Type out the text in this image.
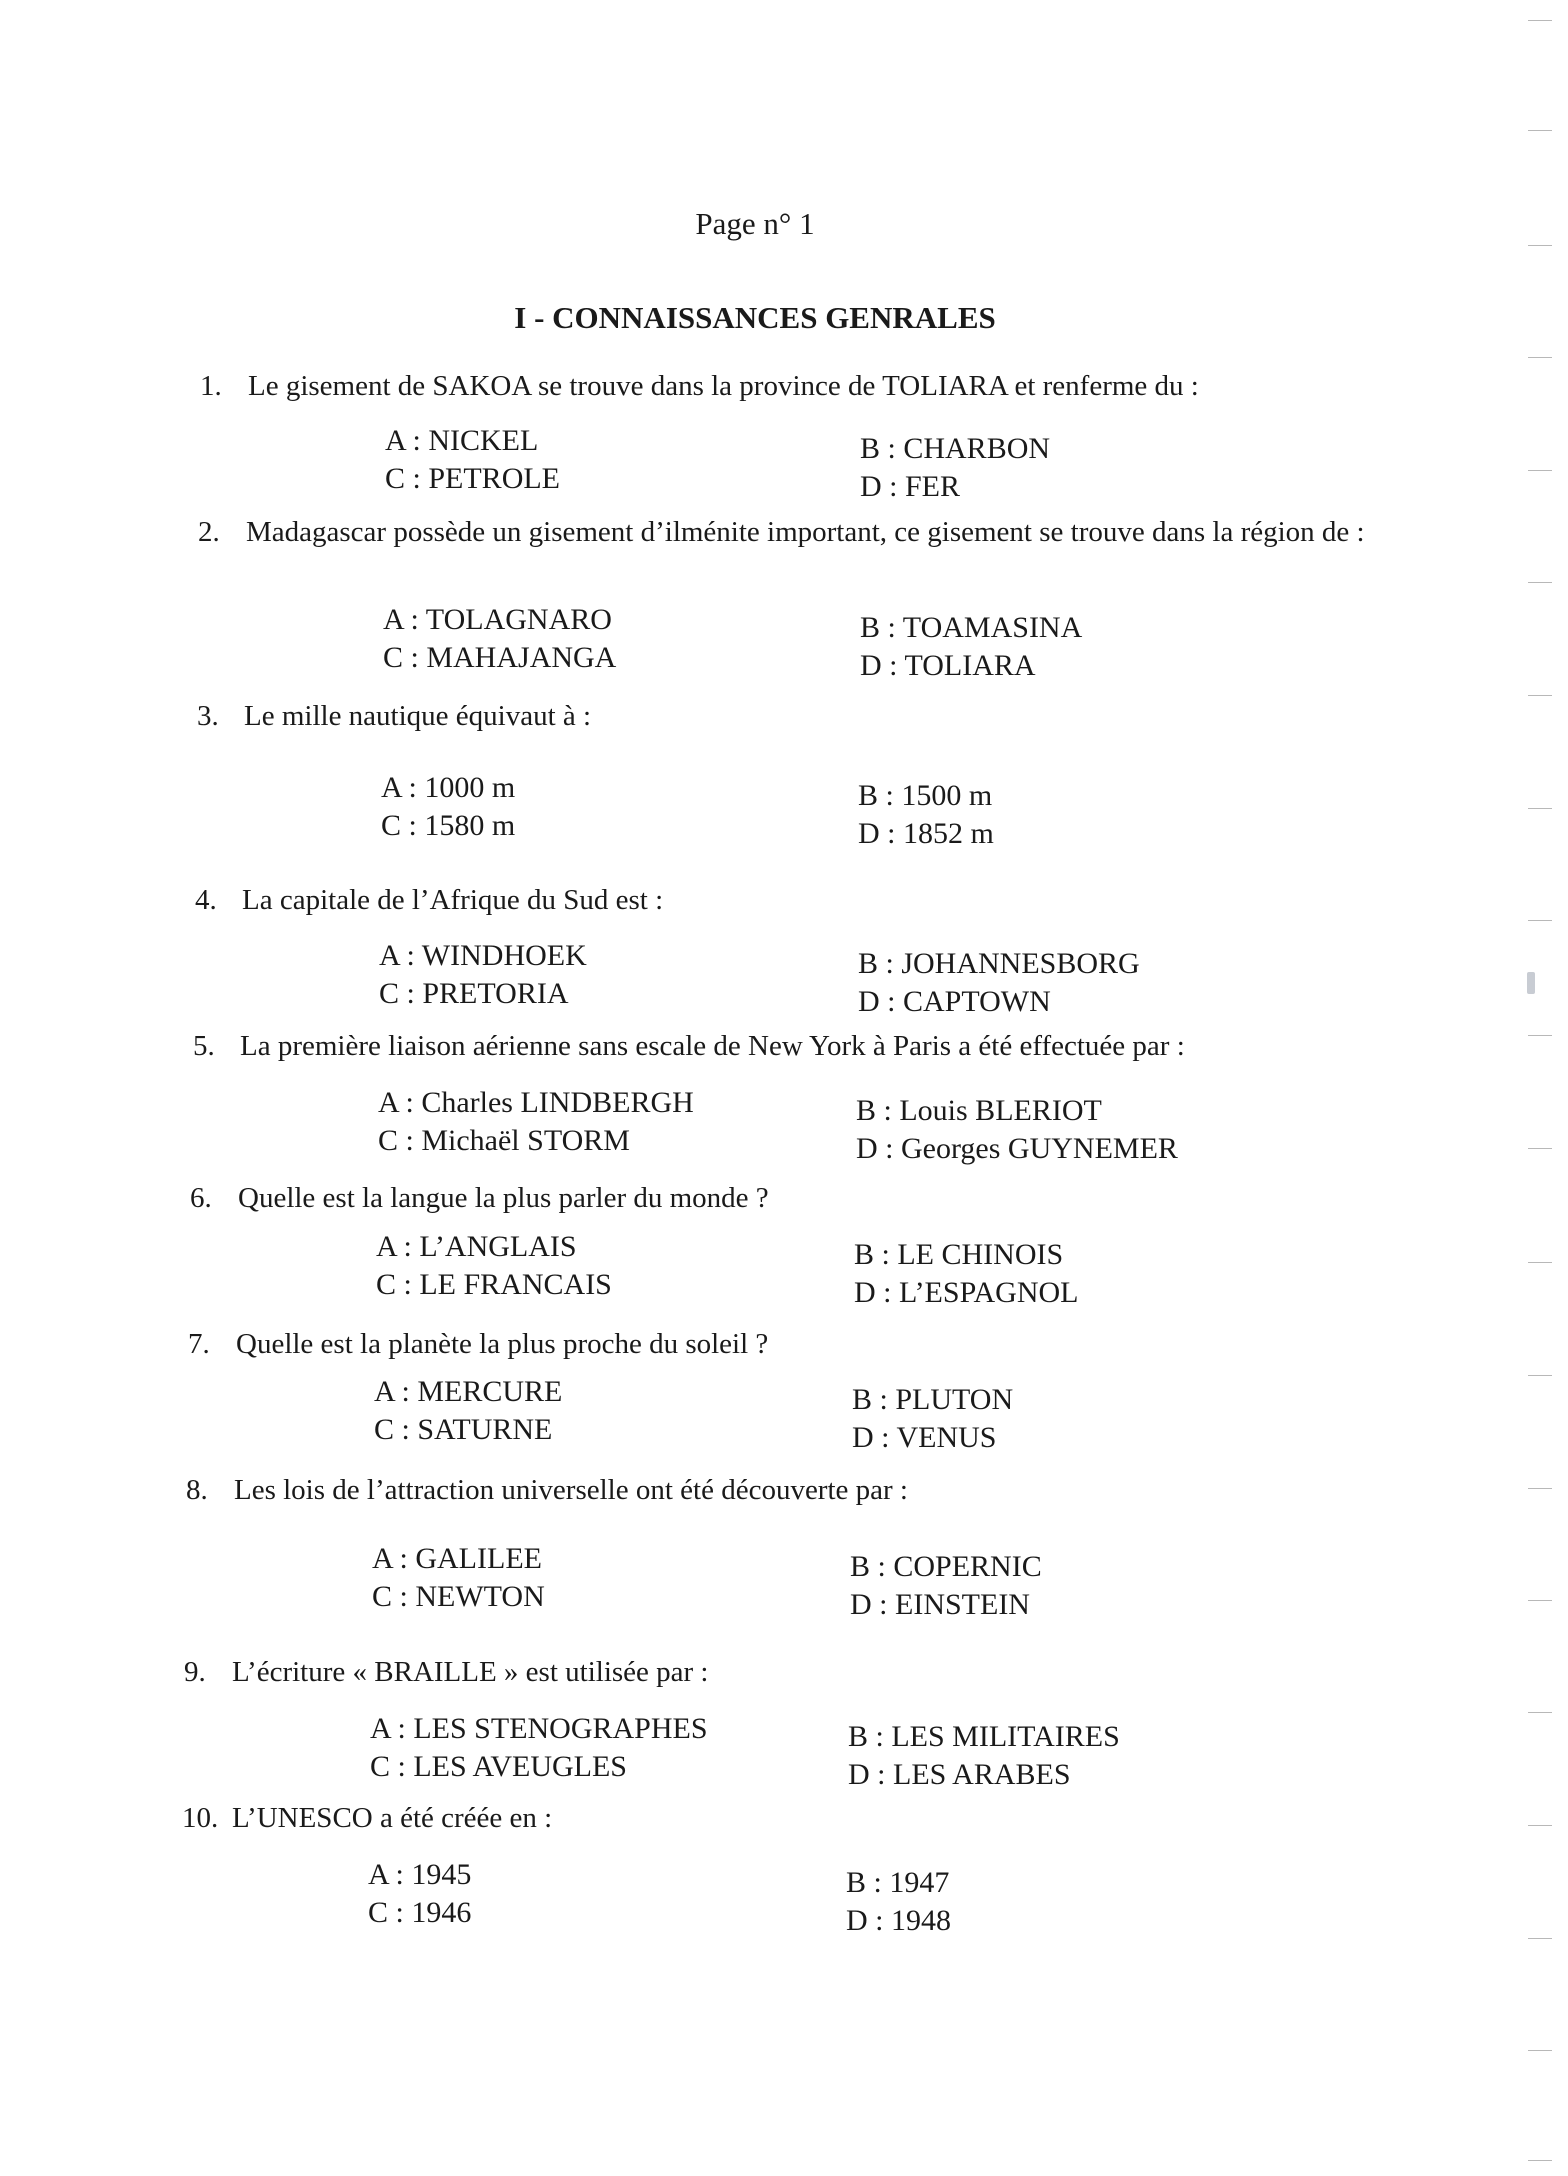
Page n° 1
I - CONNAISSANCES GENRALES
1. Le gisement de SAKOA se trouve dans la province de TOLIARA et renferme du :
A : NICKEL	B : CHARBON
C : PETROLE	D : FER
2. Madagascar possède un gisement d’ilménite important, ce gisement se trouve dans la région de :
A : TOLAGNARO	B : TOAMASINA
C : MAHAJANGA	D : TOLIARA
3. Le mille nautique équivaut à :
A : 1000 m	B : 1500 m
C : 1580 m	D : 1852 m
4. La capitale de l’Afrique du Sud est :
A : WINDHOEK	B : JOHANNESBORG
C : PRETORIA	D : CAPTOWN
5. La première liaison aérienne sans escale de New York à Paris a été effectuée par :
A : Charles LINDBERGH	B : Louis BLERIOT
C : Michaël STORM	D : Georges GUYNEMER
6. Quelle est la langue la plus parler du monde ?
A : L’ANGLAIS	B : LE CHINOIS
C : LE FRANCAIS	D : L’ESPAGNOL
7. Quelle est la planète la plus proche du soleil ?
A : MERCURE	B : PLUTON
C : SATURNE	D : VENUS
8. Les lois de l’attraction universelle ont été découverte par :
A : GALILEE	B : COPERNIC
C : NEWTON	D : EINSTEIN
9. L’écriture « BRAILLE » est utilisée par :
A : LES STENOGRAPHES	B : LES MILITAIRES
C : LES AVEUGLES	D : LES ARABES
10. L’UNESCO a été créée en :
A : 1945	B : 1947
C : 1946	D : 1948
